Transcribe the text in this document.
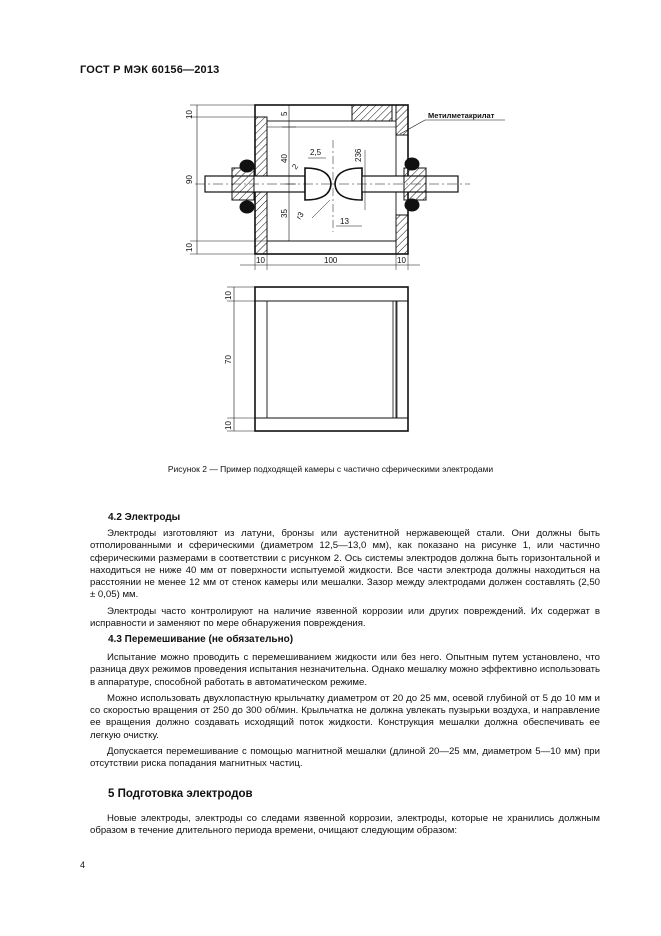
ГОСТ Р МЭК 60156—2013
10	5
40
90
35
10
2,5
2
236
13
r3
10	100	10
Метилметакрилат
10
70
10
Рисунок 2 — Пример подходящей камеры с частично сферическими электродами
4.2 Электроды

Электроды изготовляют из латуни, бронзы или аустенитной нержавеющей стали. Они должны быть отполированными и сферическими (диаметром 12,5—13,0 мм), как показано на рисунке 1, или частично сферическими размерами в соответствии с рисунком 2. Ось системы электродов должна быть горизонтальной и находиться не ниже 40 мм от поверхности испытуемой жидкости. Все части электрода должны находиться на расстоянии не менее 12 мм от стенок камеры или мешалки. Зазор между электродами должен составлять (2,50 ± 0,05) мм.

Электроды часто контролируют на наличие язвенной коррозии или других повреждений. Их содержат в исправности и заменяют по мере обнаружения повреждения.

4.3 Перемешивание (не обязательно)

Испытание можно проводить с перемешиванием жидкости или без него. Опытным путем установлено, что разница двух режимов проведения испытания незначительна. Однако мешалку можно эффективно использовать в аппаратуре, способной работать в автоматическом режиме.

Можно использовать двухлопастную крыльчатку диаметром от 20 до 25 мм, осевой глубиной от 5 до 10 мм и со скоростью вращения от 250 до 300 об/мин. Крыльчатка не должна увлекать пузырьки воздуха, и направление ее вращения должно создавать исходящий поток жидкости. Конструкция мешалки должна обеспечивать ее легкую очистку.

Допускается перемешивание с помощью магнитной мешалки (длиной 20—25 мм, диаметром 5—10 мм) при отсутствии риска попадания магнитных частиц.

5 Подготовка электродов

Новые электроды, электроды со следами язвенной коррозии, электроды, которые не хранились должным образом в течение длительного периода времени, очищают следующим образом:

4
